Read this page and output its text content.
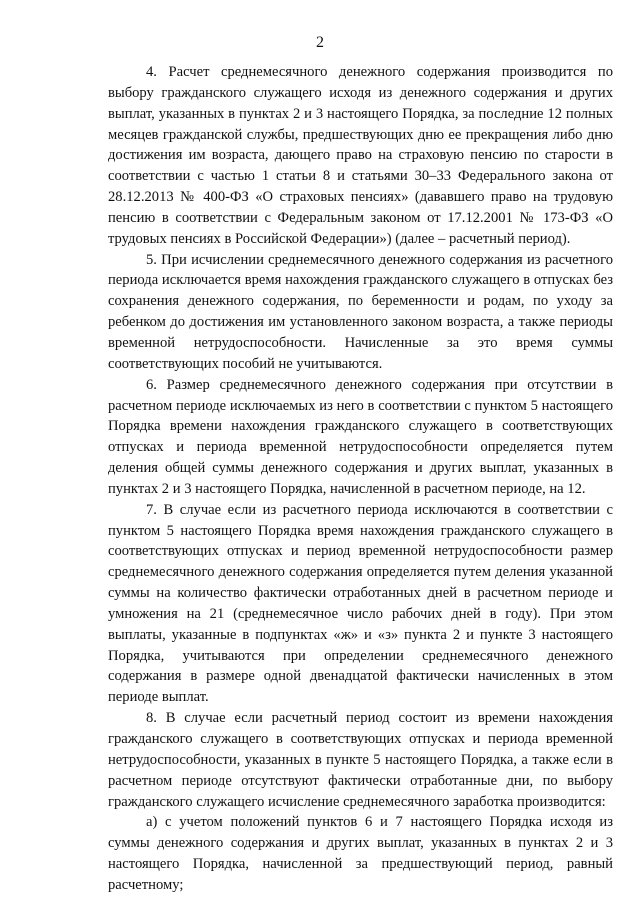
2

4. Расчет среднемесячного денежного содержания производится по выбору гражданского служащего исходя из денежного содержания и других выплат, указанных в пунктах 2 и 3 настоящего Порядка, за последние 12 полных месяцев гражданской службы, предшествующих дню ее прекращения либо дню достижения им возраста, дающего право на страховую пенсию по старости в соответствии с частью 1 статьи 8 и статьями 30–33 Федерального закона от 28.12.2013 № 400-ФЗ «О страховых пенсиях» (дававшего право на трудовую пенсию в соответствии с Федеральным законом от 17.12.2001 № 173-ФЗ «О трудовых пенсиях в Российской Федерации») (далее – расчетный период).

5. При исчислении среднемесячного денежного содержания из расчетного периода исключается время нахождения гражданского служащего в отпусках без сохранения денежного содержания, по беременности и родам, по уходу за ребенком до достижения им установленного законом возраста, а также периоды временной нетрудоспособности. Начисленные за это время суммы соответствующих пособий не учитываются.

6. Размер среднемесячного денежного содержания при отсутствии в расчетном периоде исключаемых из него в соответствии с пунктом 5 настоящего Порядка времени нахождения гражданского служащего в соответствующих отпусках и периода временной нетрудоспособности определяется путем деления общей суммы денежного содержания и других выплат, указанных в пунктах 2 и 3 настоящего Порядка, начисленной в расчетном периоде, на 12.

7. В случае если из расчетного периода исключаются в соответствии с пунктом 5 настоящего Порядка время нахождения гражданского служащего в соответствующих отпусках и период временной нетрудоспособности размер среднемесячного денежного содержания определяется путем деления указанной суммы на количество фактически отработанных дней в расчетном периоде и умножения на 21 (среднемесячное число рабочих дней в году). При этом выплаты, указанные в подпунктах «ж» и «з» пункта 2 и пункте 3 настоящего Порядка, учитываются при определении среднемесячного денежного содержания в размере одной двенадцатой фактически начисленных в этом периоде выплат.

8. В случае если расчетный период состоит из времени нахождения гражданского служащего в соответствующих отпусках и периода временной нетрудоспособности, указанных в пункте 5 настоящего Порядка, а также если в расчетном периоде отсутствуют фактически отработанные дни, по выбору гражданского служащего исчисление среднемесячного заработка производится:

а) с учетом положений пунктов 6 и 7 настоящего Порядка исходя из суммы денежного содержания и других выплат, указанных в пунктах 2 и 3 настоящего Порядка, начисленной за предшествующий период, равный расчетному;
